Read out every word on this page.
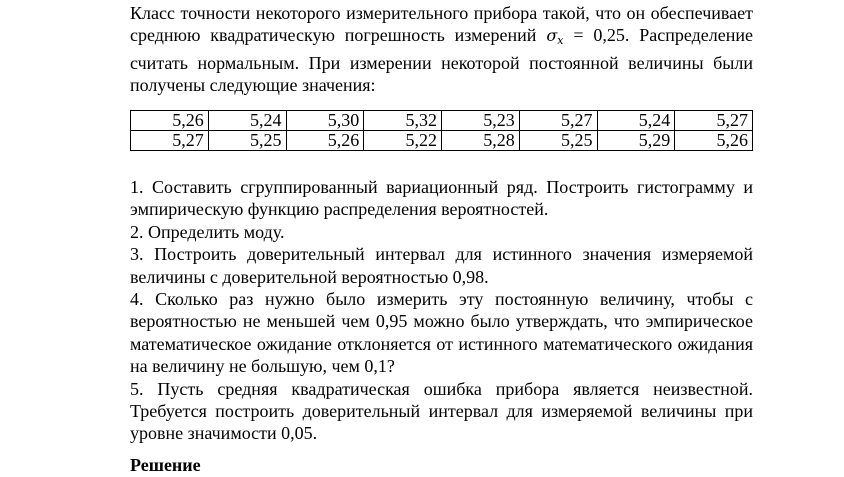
Класс точности некоторого измерительного прибора такой, что он обеспечивает среднюю квадратическую погрешность измерений σx = 0,25. Распределение считать нормальным. При измерении некоторой постоянной величины были получены следующие значения:

5,26	5,24	5,30	5,32	5,23	5,27	5,24	5,27
5,27	5,25	5,26	5,22	5,28	5,25	5,29	5,26

1. Составить сгруппированный вариационный ряд. Построить гистограмму и эмпирическую функцию распределения вероятностей.

2. Определить моду.

3. Построить доверительный интервал для истинного значения измеряемой величины с доверительной вероятностью 0,98.

4. Сколько раз нужно было измерить эту постоянную величину, чтобы с вероятностью не меньшей чем 0,95 можно было утверждать, что эмпирическое математическое ожидание отклоняется от истинного математического ожидания на величину не большую, чем 0,1?

5. Пусть средняя квадратическая ошибка прибора является неизвестной. Требуется построить доверительный интервал для измеряемой величины при уровне значимости 0,05.

Решение
